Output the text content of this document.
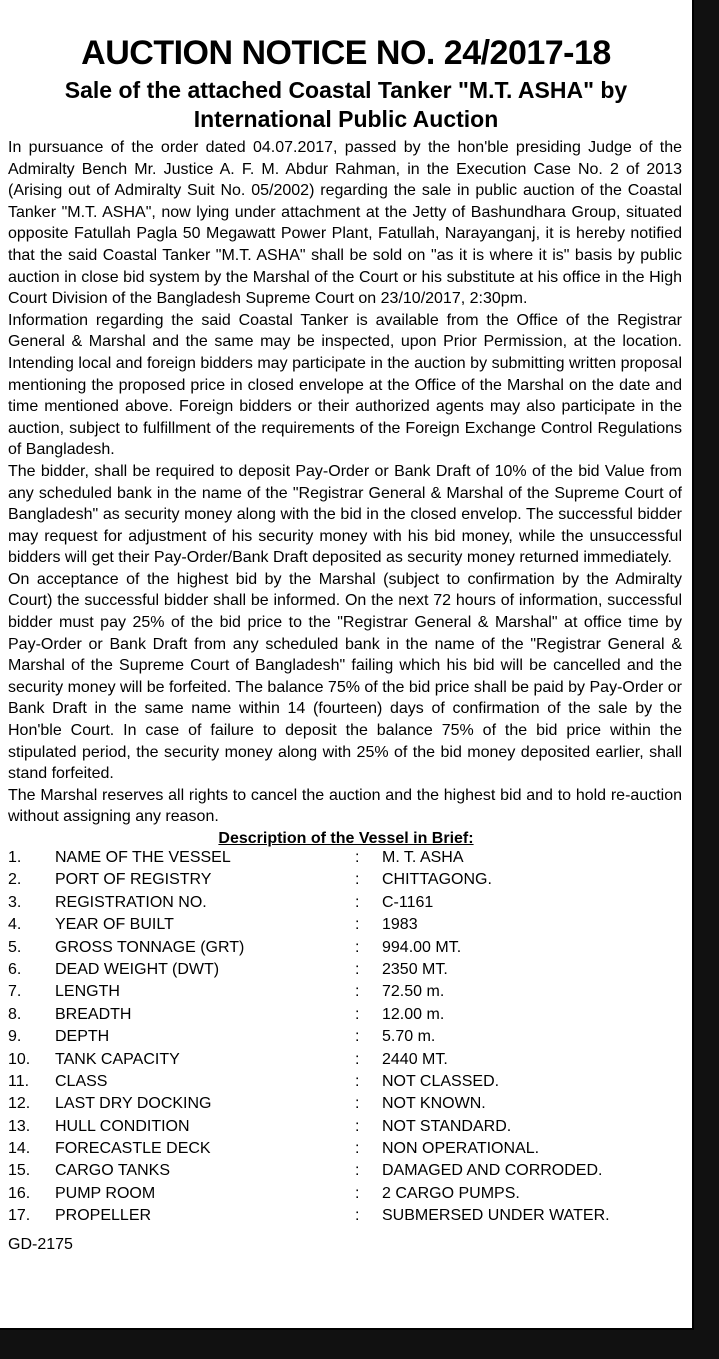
AUCTION NOTICE NO. 24/2017-18
Sale of the attached Coastal Tanker "M.T. ASHA" by International Public Auction

In pursuance of the order dated 04.07.2017, passed by the hon'ble presiding Judge of the Admiralty Bench Mr. Justice A. F. M. Abdur Rahman, in the Execution Case No. 2 of 2013 (Arising out of Admiralty Suit No. 05/2002) regarding the sale in public auction of the Coastal Tanker "M.T. ASHA", now lying under attachment at the Jetty of Bashundhara Group, situated opposite Fatullah Pagla 50 Megawatt Power Plant, Fatullah, Narayanganj, it is hereby notified that the said Coastal Tanker "M.T. ASHA" shall be sold on "as it is where it is" basis by public auction in close bid system by the Marshal of the Court or his substitute at his office in the High Court Division of the Bangladesh Supreme Court on 23/10/2017, 2:30pm.

Information regarding the said Coastal Tanker is available from the Office of the Registrar General & Marshal and the same may be inspected, upon Prior Permission, at the location. Intending local and foreign bidders may participate in the auction by submitting written proposal mentioning the proposed price in closed envelope at the Office of the Marshal on the date and time mentioned above. Foreign bidders or their authorized agents may also participate in the auction, subject to fulfillment of the requirements of the Foreign Exchange Control Regulations of Bangladesh.

The bidder, shall be required to deposit Pay-Order or Bank Draft of 10% of the bid Value from any scheduled bank in the name of the "Registrar General & Marshal of the Supreme Court of Bangladesh" as security money along with the bid in the closed envelop. The successful bidder may request for adjustment of his security money with his bid money, while the unsuccessful bidders will get their Pay-Order/Bank Draft deposited as security money returned immediately.

On acceptance of the highest bid by the Marshal (subject to confirmation by the Admiralty Court) the successful bidder shall be informed. On the next 72 hours of information, successful bidder must pay 25% of the bid price to the "Registrar General & Marshal" at office time by Pay-Order or Bank Draft from any scheduled bank in the name of the "Registrar General & Marshal of the Supreme Court of Bangladesh" failing which his bid will be cancelled and the security money will be forfeited. The balance 75% of the bid price shall be paid by Pay-Order or Bank Draft in the same name within 14 (fourteen) days of confirmation of the sale by the Hon'ble Court. In case of failure to deposit the balance 75% of the bid price within the stipulated period, the security money along with 25% of the bid money deposited earlier, shall stand forfeited.

The Marshal reserves all rights to cancel the auction and the highest bid and to hold re-auction without assigning any reason.

Description of the Vessel in Brief:
1.	NAME OF THE VESSEL	:	M. T. ASHA
2.	PORT OF REGISTRY	:	CHITTAGONG.
3.	REGISTRATION NO.	:	C-1161
4.	YEAR OF BUILT	:	1983
5.	GROSS TONNAGE (GRT)	:	994.00 MT.
6.	DEAD WEIGHT (DWT)	:	2350 MT.
7.	LENGTH	:	72.50 m.
8.	BREADTH	:	12.00 m.
9.	DEPTH	:	5.70 m.
10.	TANK CAPACITY	:	2440 MT.
11.	CLASS	:	NOT CLASSED.
12.	LAST DRY DOCKING	:	NOT KNOWN.
13.	HULL CONDITION	:	NOT STANDARD.
14.	FORECASTLE DECK	:	NON OPERATIONAL.
15.	CARGO TANKS	:	DAMAGED AND CORRODED.
16.	PUMP ROOM	:	2 CARGO PUMPS.
17.	PROPELLER	:	SUBMERSED UNDER WATER.
GD-2175
